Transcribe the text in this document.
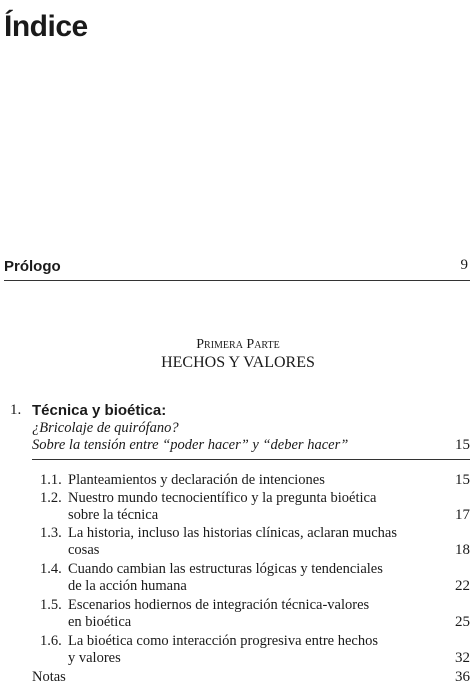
Índice
Prólogo	9
Primera Parte
HECHOS Y VALORES
1. Técnica y bioética:
¿Bricolaje de quirófano?
Sobre la tensión entre “poder hacer” y “deber hacer”	15
1.1. Planteamientos y declaración de intenciones	15
1.2. Nuestro mundo tecnocientífico y la pregunta bioética
sobre la técnica	17
1.3. La historia, incluso las historias clínicas, aclaran muchas
cosas	18
1.4. Cuando cambian las estructuras lógicas y tendenciales
de la acción humana	22
1.5. Escenarios hodiernos de integración técnica-valores
en bioética	25
1.6. La bioética como interacción progresiva entre hechos
y valores	32
Notas	36
